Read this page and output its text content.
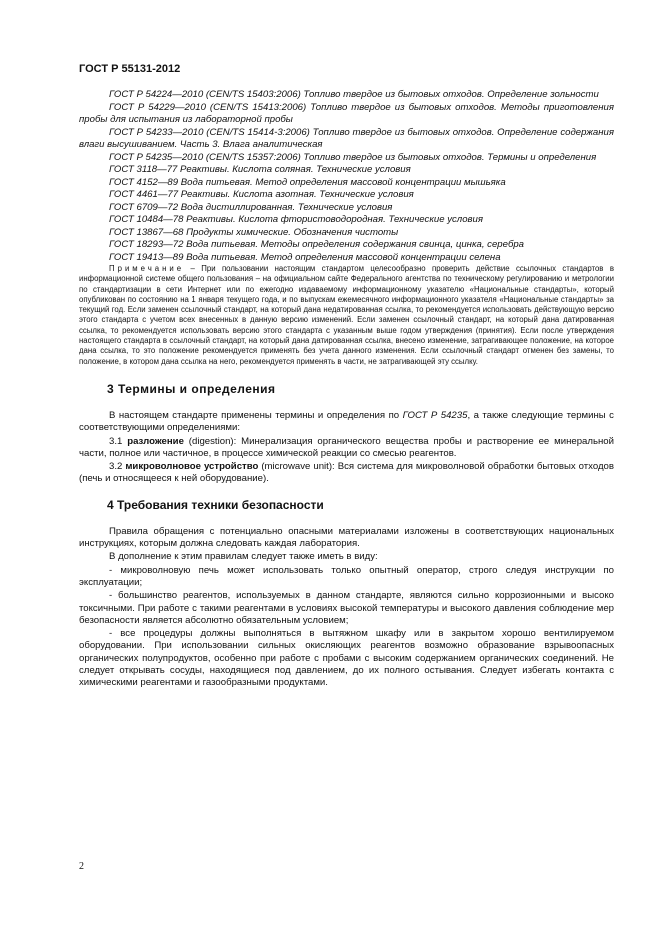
ГОСТ Р 55131-2012

ГОСТ Р 54224—2010 (CEN/TS 15403:2006) Топливо твердое из бытовых отходов. Определение зольности

ГОСТ Р 54229—2010 (CEN/TS 15413:2006) Топливо твердое из бытовых отходов. Методы приготовления пробы для испытания из лабораторной пробы

ГОСТ Р 54233—2010 (CEN/TS 15414-3:2006) Топливо твердое из бытовых отходов. Определение содержания влаги высушиванием. Часть 3. Влага аналитическая

ГОСТ Р 54235—2010 (CEN/TS 15357:2006) Топливо твердое из бытовых отходов. Термины и определения

ГОСТ 3118—77 Реактивы. Кислота соляная. Технические условия

ГОСТ 4152—89 Вода питьевая. Метод определения массовой концентрации мышьяка

ГОСТ 4461—77 Реактивы. Кислота азотная. Технические условия

ГОСТ 6709—72 Вода дистиллированная. Технические условия

ГОСТ 10484—78 Реактивы. Кислота фтористоводородная. Технические условия

ГОСТ 13867—68 Продукты химические. Обозначения чистоты

ГОСТ 18293—72 Вода питьевая. Методы определения содержания свинца, цинка, серебра

ГОСТ 19413—89 Вода питьевая. Метод определения массовой концентрации селена

Примечание – При пользовании настоящим стандартом целесообразно проверить действие ссылочных стандартов в информационной системе общего пользования – на официальном сайте Федерального агентства по техническому регулированию и метрологии по стандартизации в сети Интернет или по ежегодно издаваемому информационному указателю «Национальные стандарты», который опубликован по состоянию на 1 января текущего года, и по выпускам ежемесячного информационного указателя «Национальные стандарты» за текущий год. Если заменен ссылочный стандарт, на который дана недатированная ссылка, то рекомендуется использовать действующую версию этого стандарта с учетом всех внесенных в данную версию изменений. Если заменен ссылочный стандарт, на который дана датированная ссылка, то рекомендуется использовать версию этого стандарта с указанным выше годом утверждения (принятия). Если после утверждения настоящего стандарта в ссылочный стандарт, на который дана датированная ссылка, внесено изменение, затрагивающее положение, на которое дана ссылка, то это положение рекомендуется применять без учета данного изменения. Если ссылочный стандарт отменен без замены, то положение, в котором дана ссылка на него, рекомендуется применять в части, не затрагивающей эту ссылку.

3 Термины и определения

В настоящем стандарте применены термины и определения по ГОСТ Р 54235, а также следующие термины с соответствующими определениями:

3.1 разложение (digestion): Минерализация органического вещества пробы и растворение ее минеральной части, полное или частичное, в процессе химической реакции со смесью реагентов.

3.2 микроволновое устройство (microwave unit): Вся система для микроволновой обработки бытовых отходов (печь и относящееся к ней оборудование).

4 Требования техники безопасности

Правила обращения с потенциально опасными материалами изложены в соответствующих национальных инструкциях, которым должна следовать каждая лаборатория.

В дополнение к этим правилам следует также иметь в виду:

- микроволновую печь может использовать только опытный оператор, строго следуя инструкции по эксплуатации;

- большинство реагентов, используемых в данном стандарте, являются сильно коррозионными и высоко токсичными. При работе с такими реагентами в условиях высокой температуры и высокого давления соблюдение мер безопасности является абсолютно обязательным условием;

- все процедуры должны выполняться в вытяжном шкафу или в закрытом хорошо вентилируемом оборудовании. При использовании сильных окисляющих реагентов возможно образование взрывоопасных органических полупродуктов, особенно при работе с пробами с высоким содержанием органических соединений. Не следует открывать сосуды, находящиеся под давлением, до их полного остывания. Следует избегать контакта с химическими реагентами и газообразными продуктами.

2
